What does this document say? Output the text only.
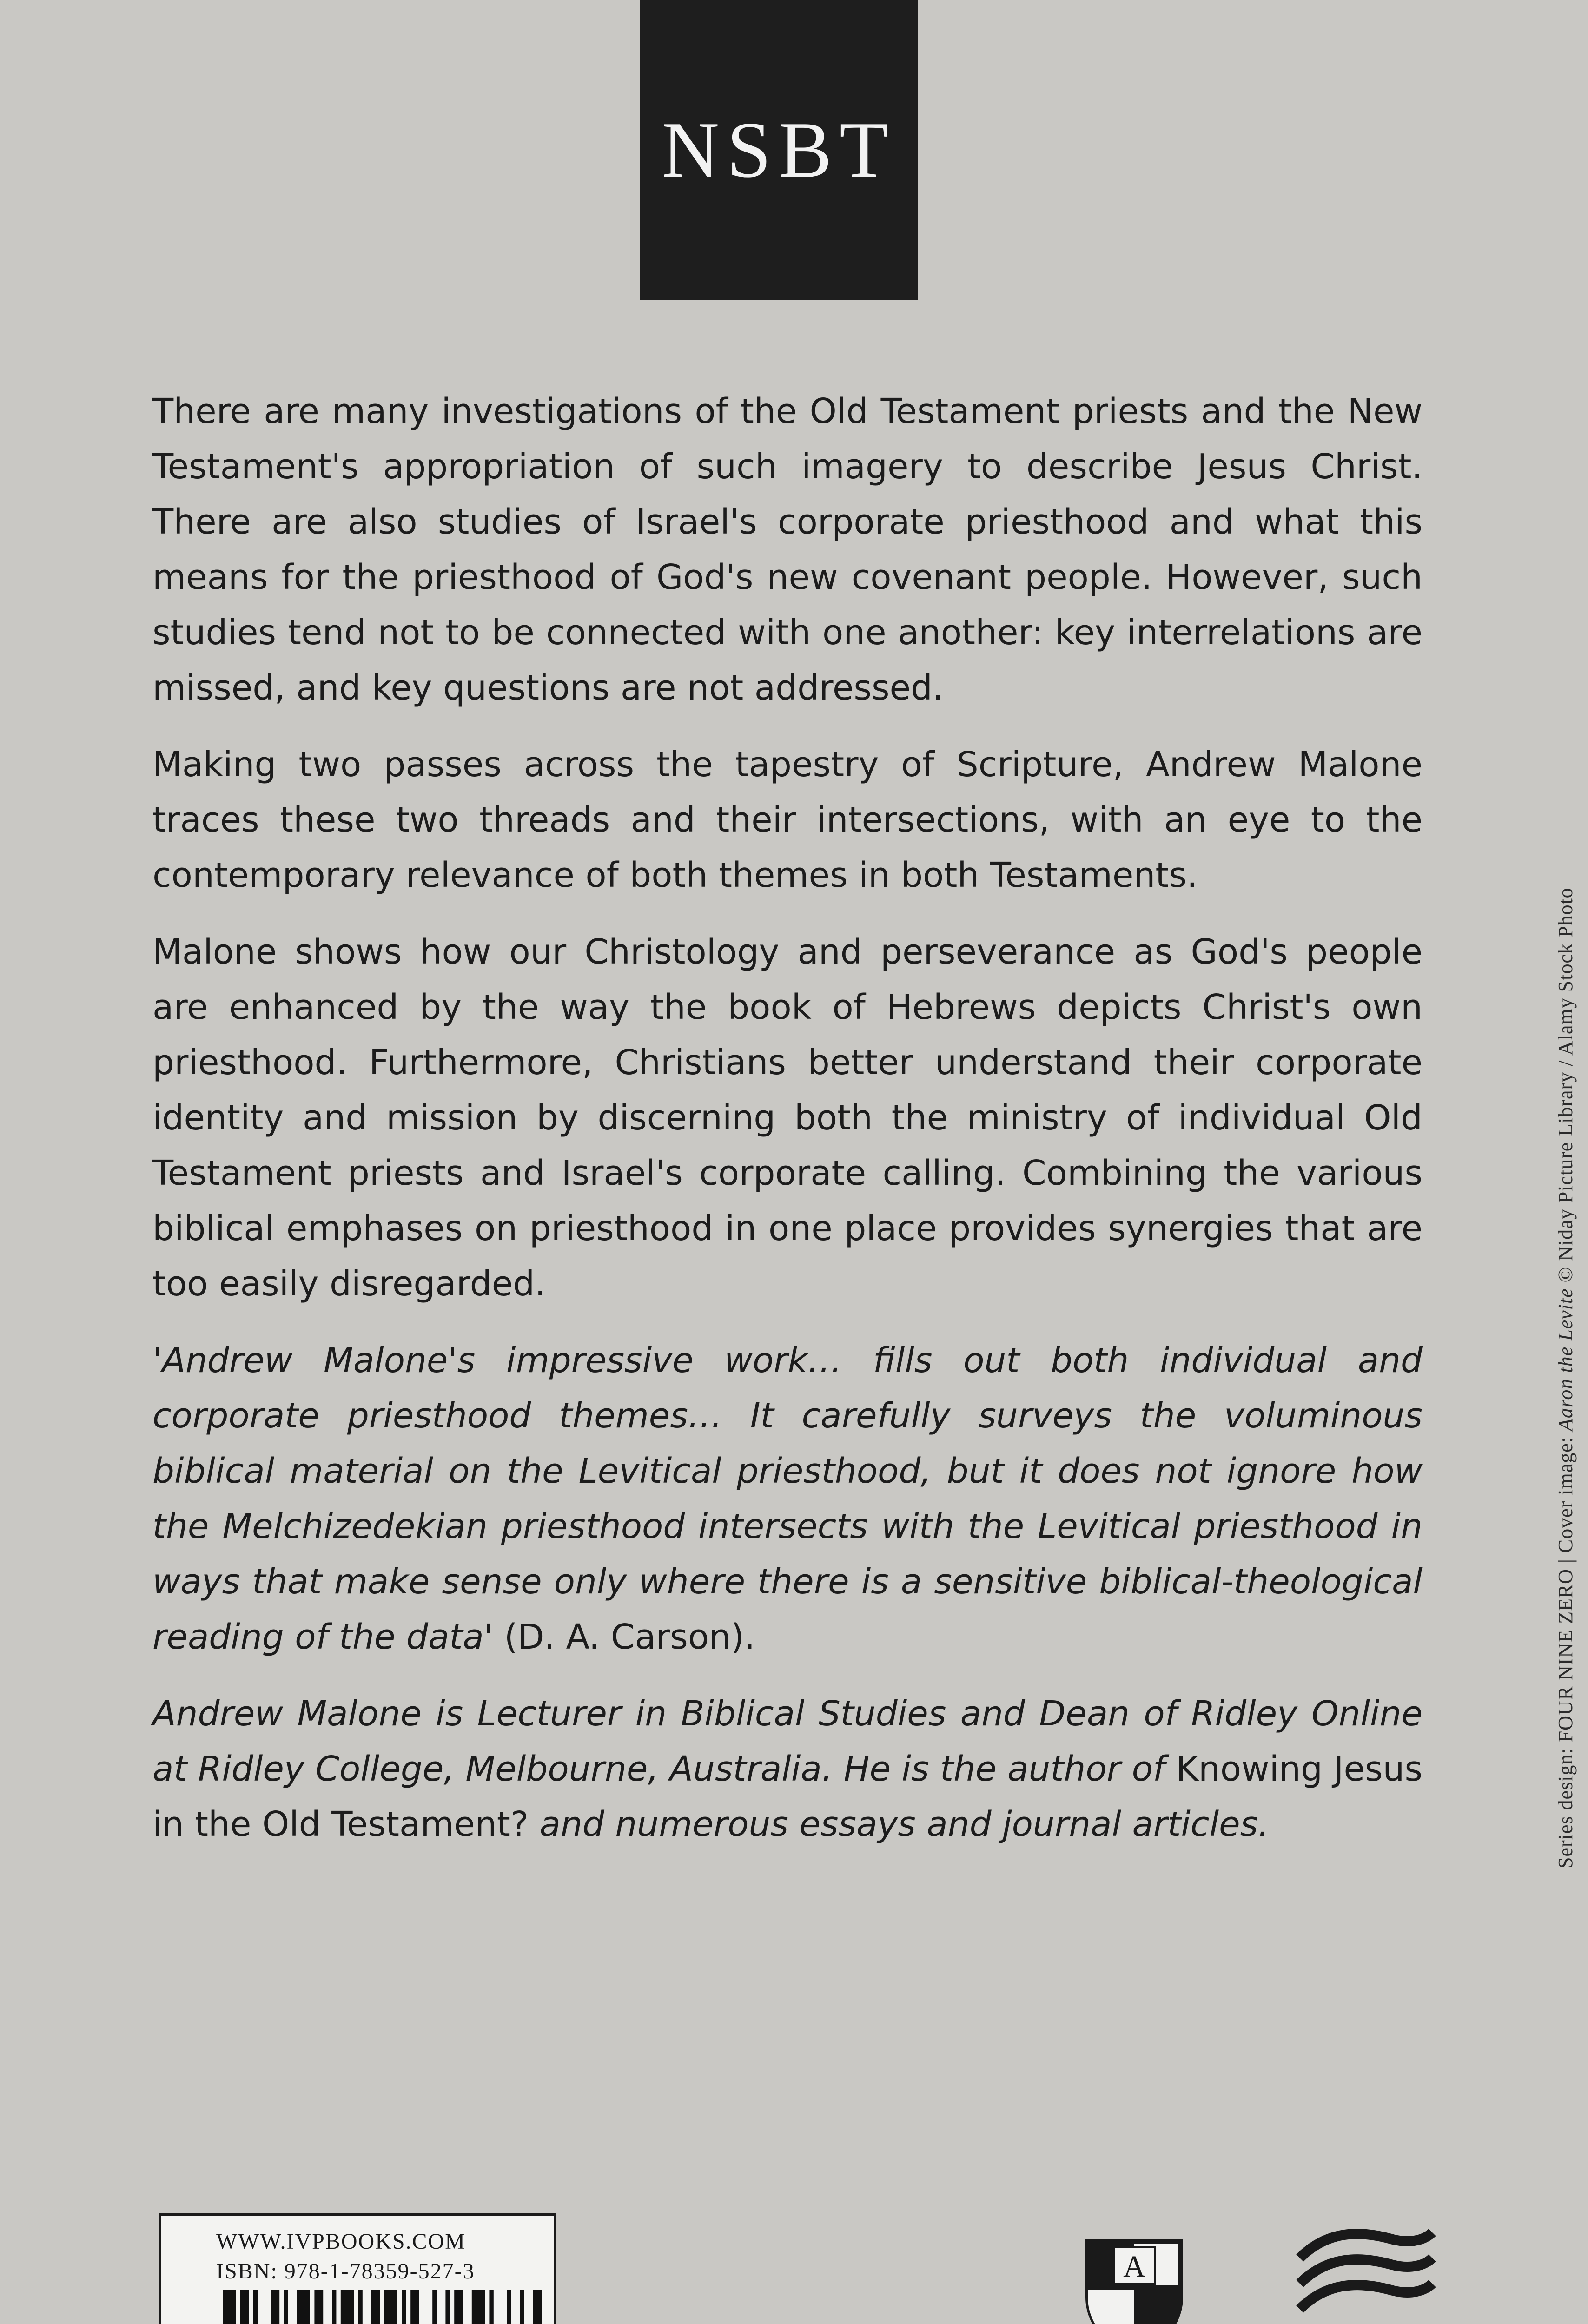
NSBT

There are many investigations of the Old Testament priests and the New Testament's appropriation of such imagery to describe Jesus Christ. There are also studies of Israel's corporate priesthood and what this means for the priesthood of God's new covenant people. However, such studies tend not to be connected with one another: key interrelations are missed, and key questions are not addressed.

Making two passes across the tapestry of Scripture, Andrew Malone traces these two threads and their intersections, with an eye to the contemporary relevance of both themes in both Testaments.

Malone shows how our Christology and perseverance as God's people are enhanced by the way the book of Hebrews depicts Christ's own priesthood. Furthermore, Christians better understand their corporate identity and mission by discerning both the ministry of individual Old Testament priests and Israel's corporate calling. Combining the various biblical emphases on priesthood in one place provides synergies that are too easily disregarded.

'Andrew Malone's impressive work… fills out both individual and corporate priesthood themes… It carefully surveys the voluminous biblical material on the Levitical priesthood, but it does not ignore how the Melchizedekian priesthood intersects with the Levitical priesthood in ways that make sense only where there is a sensitive biblical-theological reading of the data' (D. A. Carson).

Andrew Malone is Lecturer in Biblical Studies and Dean of Ridley Online at Ridley College, Melbourne, Australia. He is the author of Knowing Jesus in the Old Testament? and numerous essays and journal articles.	Series design: FOUR NINE ZERO | Cover image: Aaron the Levite © Niday Picture Library / Alamy Stock Photo
WWW.IVPBOOKS.COM
ISBN: 978-1-78359-527-3	A
